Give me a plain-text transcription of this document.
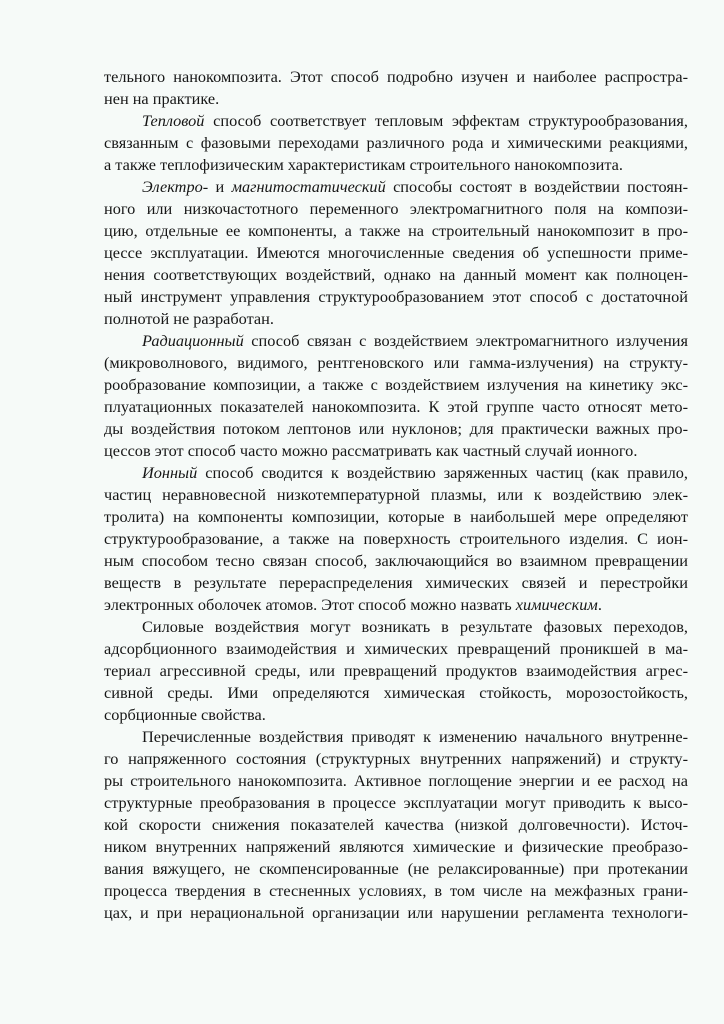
тельного нанокомпозита. Этот способ подробно изучен и наиболее распростра-
нен на практике.
Тепловой способ соответствует тепловым эффектам структурообразования,
связанным с фазовыми переходами различного рода и химическими реакциями,
а также теплофизическим характеристикам строительного нанокомпозита.
Электро- и магнитостатический способы состоят в воздействии постоян-
ного или низкочастотного переменного электромагнитного поля на компози-
цию, отдельные ее компоненты, а также на строительный нанокомпозит в про-
цессе эксплуатации. Имеются многочисленные сведения об успешности приме-
нения соответствующих воздействий, однако на данный момент как полноцен-
ный инструмент управления структурообразованием этот способ с достаточной
полнотой не разработан.
Радиационный способ связан с воздействием электромагнитного излучения
(микроволнового, видимого, рентгеновского или гамма-излучения) на структу-
рообразование композиции, а также с воздействием излучения на кинетику экс-
плуатационных показателей нанокомпозита. К этой группе часто относят мето-
ды воздействия потоком лептонов или нуклонов; для практически важных про-
цессов этот способ часто можно рассматривать как частный случай ионного.
Ионный способ сводится к воздействию заряженных частиц (как правило,
частиц неравновесной низкотемпературной плазмы, или к воздействию элек-
тролита) на компоненты композиции, которые в наибольшей мере определяют
структурообразование, а также на поверхность строительного изделия. С ион-
ным способом тесно связан способ, заключающийся во взаимном превращении
веществ в результате перераспределения химических связей и перестройки
электронных оболочек атомов. Этот способ можно назвать химическим.
Силовые воздействия могут возникать в результате фазовых переходов,
адсорбционного взаимодействия и химических превращений проникшей в ма-
териал агрессивной среды, или превращений продуктов взаимодействия агрес-
сивной среды. Ими определяются химическая стойкость, морозостойкость,
сорбционные свойства.
Перечисленные воздействия приводят к изменению начального внутренне-
го напряженного состояния (структурных внутренних напряжений) и структу-
ры строительного нанокомпозита. Активное поглощение энергии и ее расход на
структурные преобразования в процессе эксплуатации могут приводить к высо-
кой скорости снижения показателей качества (низкой долговечности). Источ-
ником внутренних напряжений являются химические и физические преобразо-
вания вяжущего, не скомпенсированные (не релаксированные) при протекании
процесса твердения в стесненных условиях, в том числе на межфазных грани-
цах, и при нерациональной организации или нарушении регламента технологи-
